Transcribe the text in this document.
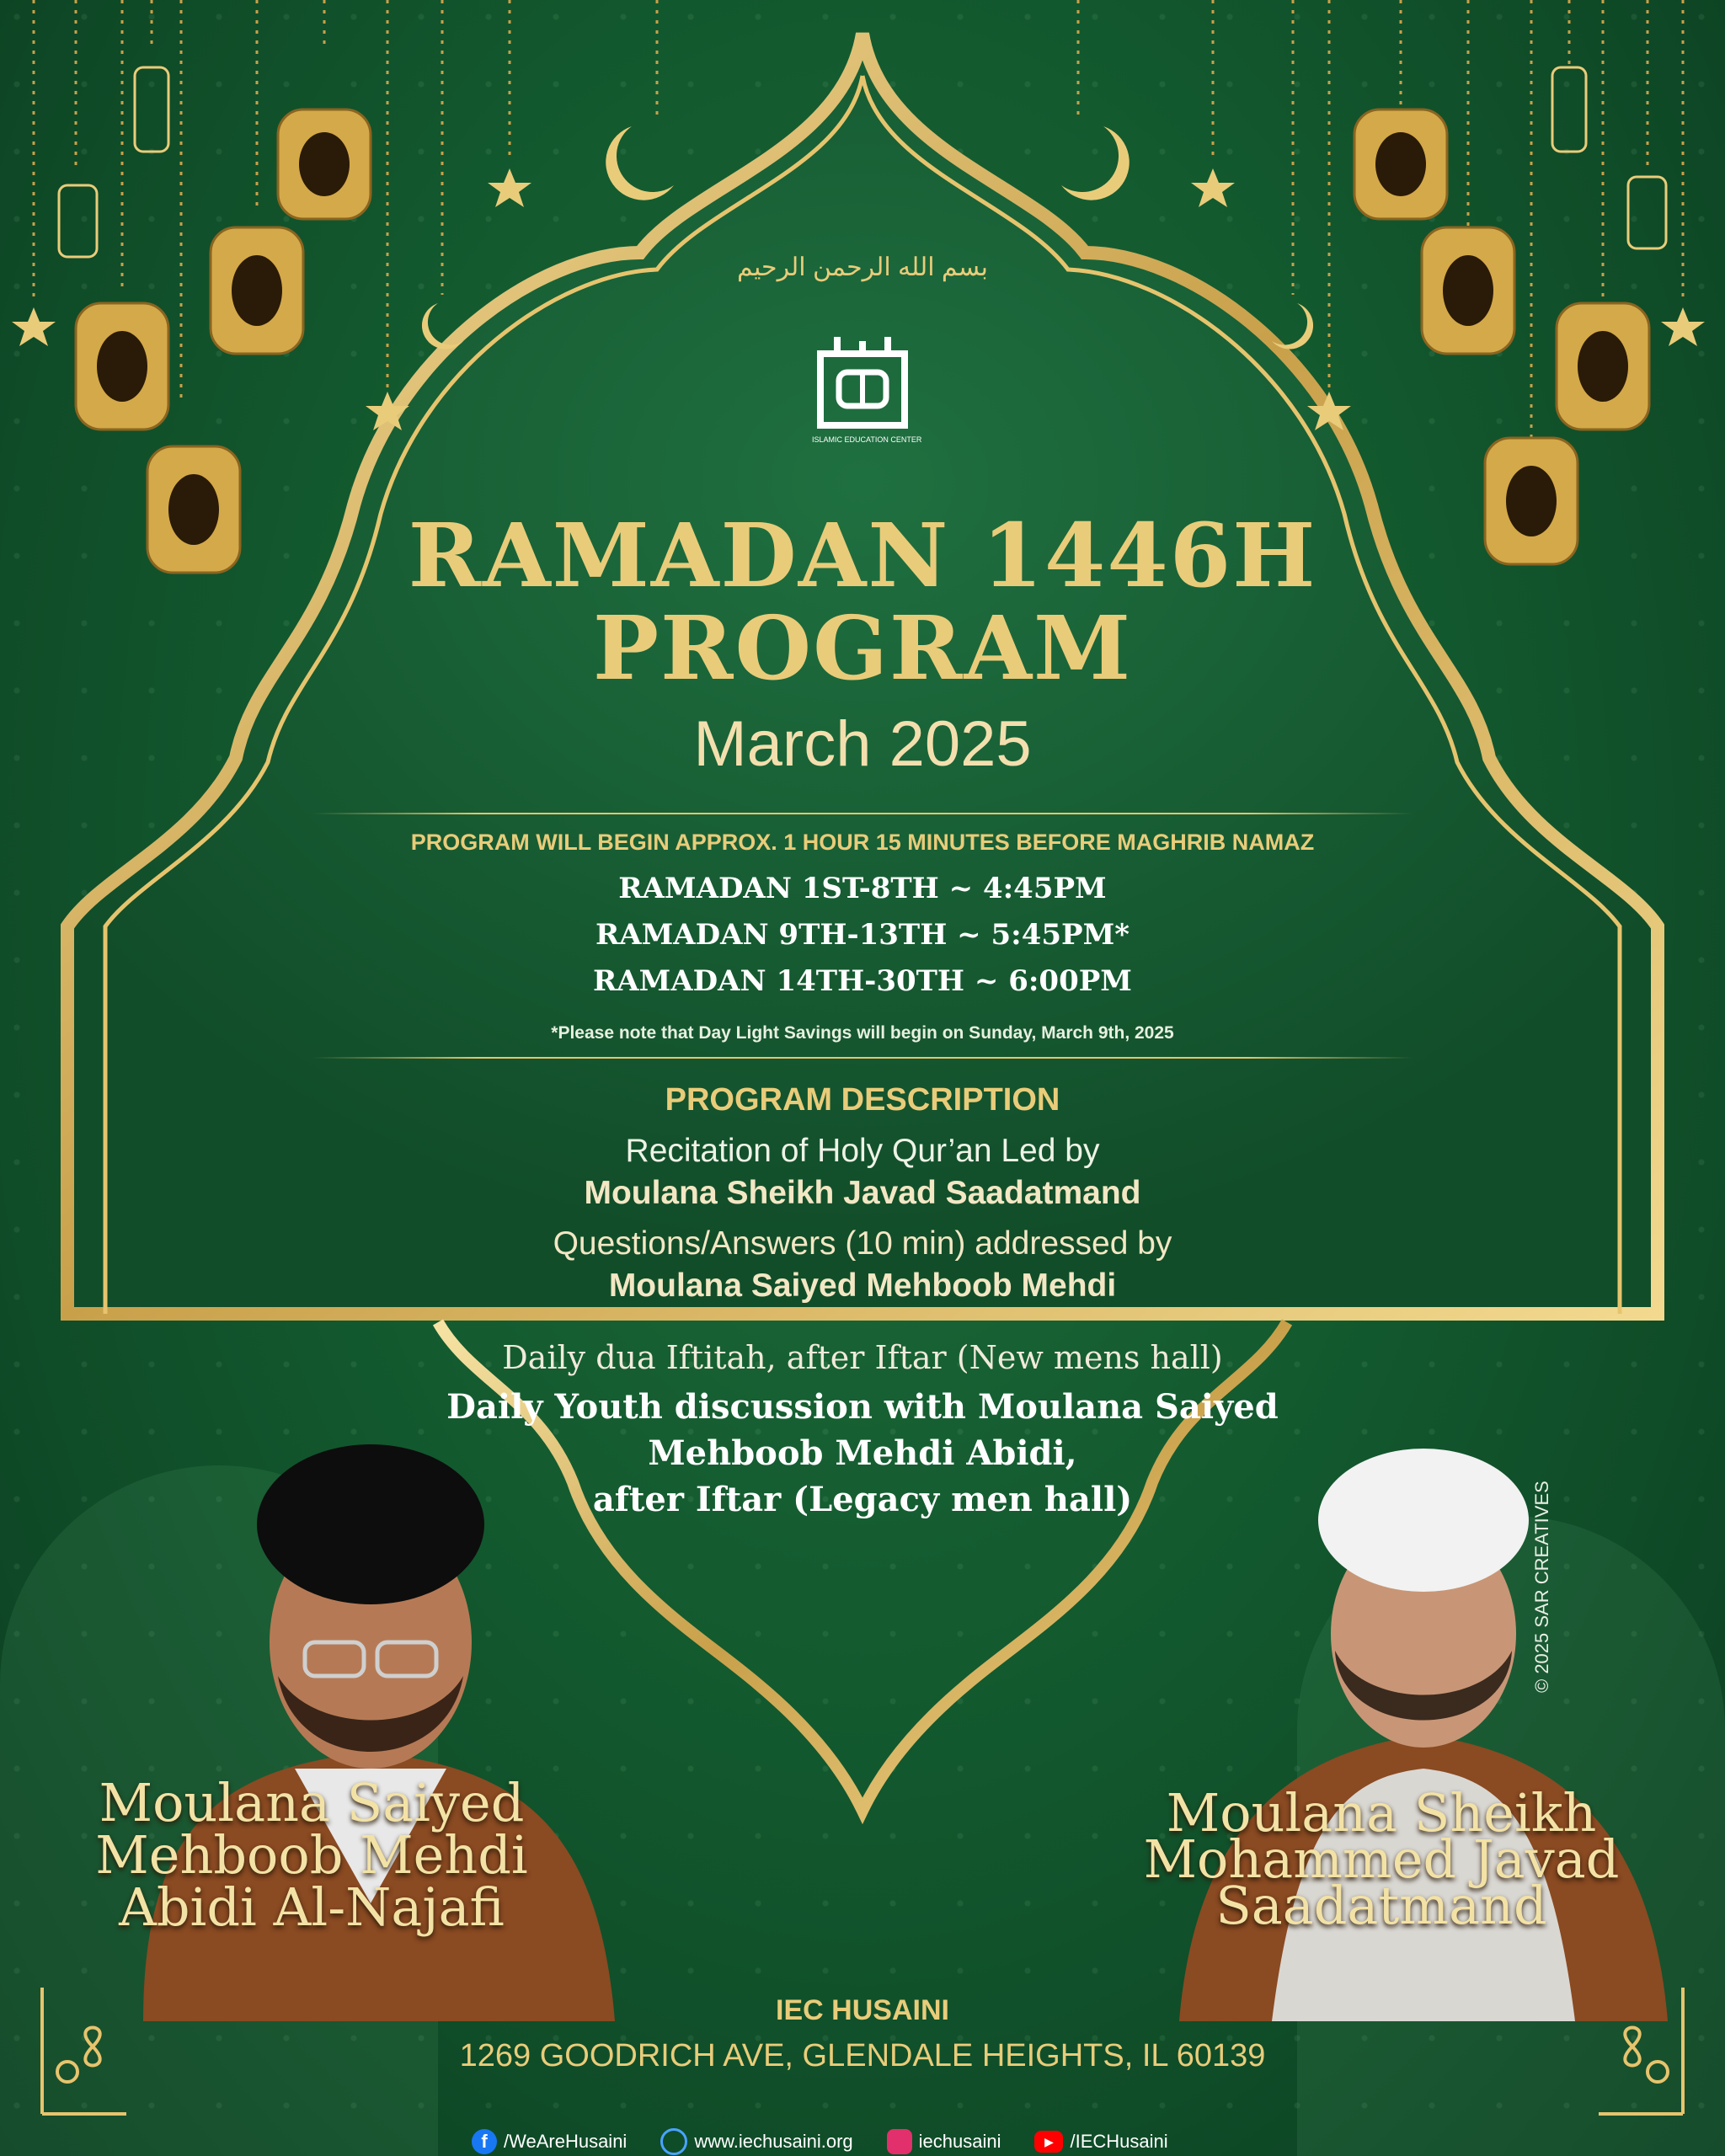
بسم الله الرحمن الرحیم
ISLAMIC EDUCATION CENTER
RAMADAN 1446H
PROGRAM
March 2025
PROGRAM WILL BEGIN APPROX. 1 HOUR 15 MINUTES BEFORE MAGHRIB NAMAZ
RAMADAN 1ST-8TH ~ 4:45PM
RAMADAN 9TH-13TH ~ 5:45PM*
RAMADAN 14TH-30TH ~ 6:00PM
*Please note that Day Light Savings will begin on Sunday, March 9th, 2025
PROGRAM DESCRIPTION
Recitation of Holy Qur’an Led by
Moulana Sheikh Javad Saadatmand
Questions/Answers (10 min) addressed by
Moulana Saiyed Mehboob Mehdi
Daily dua Iftitah, after Iftar (New mens hall)
Daily Youth discussion with Moulana Saiyed
Mehboob Mehdi Abidi,
after Iftar (Legacy men hall)
Moulana Saiyed
Mehboob Mehdi
Abidi Al-Najafi
Moulana Sheikh
Mohammed Javad
Saadatmand
© 2025 SAR CREATIVES
IEC HUSAINI
1269 GOODRICH AVE, GLENDALE HEIGHTS, IL 60139
f /WeAreHusaini	www.iechusaini.org	iechusaini	▶ /IECHusaini
